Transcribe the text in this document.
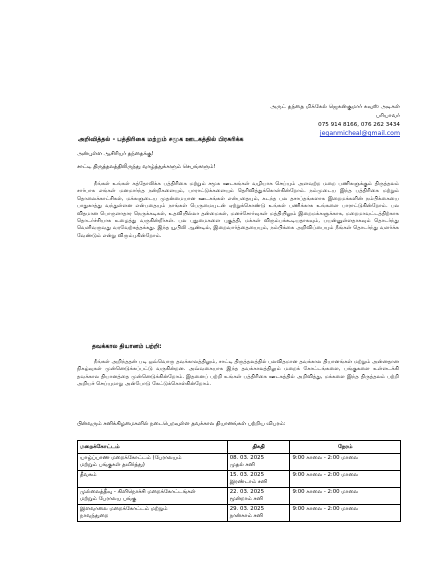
அருட் தந்தை மிக்கேல் ஜெகன்குமார் சுவுஸ் அடிகள்
பரியாவர்
075 914 8166, 076 262 3434
jeganmicheal@gmail.com
அறிவித்தல் - பத்திரிகை மற்றும் சமூக ஊடகத்தில் பிரசுரிக்க
அன்புள்ள ஆசிரியர் தந்தைக்கு!
சாட்டி திருத்தலத்திலிருந்து வாழ்த்துக்களும் செபங்களும்!

நீங்கள் உங்கள் கத்தோலிக்க பத்திரிகை மற்றும் சமூக ஊடகங்கள் வழியாக செய்யும் அளவற்ற மறை பணிகளுக்கும் திருத்தலம் சார்பாக எங்கள் மனமார்ந்த நன்றிகளையும், பாராட்டுக்களையும் தெரிவித்துக்கொள்கின்றோம். நம்முடைய இந்த பத்திரிகை மற்றும் தொலைக்காட்சிகள், மக்களுடைய முதன்மையான ஊடகங்கள் என்பதையும், கடந்த பல தசாப்தங்களாக இறைமக்களின் நம்பிக்கையை பாதுகாத்து வந்துள்ளன என்பதையும் நாங்கள் பெருமையுடன் ஏற்றுக்கொண்டு உங்கள் பணிக்காக உங்களை பாராட்டுகின்றோம். பல விதமான பொருளாதார நெருக்கடிகள், உதவியில்லா தன்மைகள், மனச்சோர்வுகள் மத்தியிலும் இறைமக்களுக்காக, மறைமாவட்டத்திற்காக தொடர்ச்சியாக உழைத்து வருகின்றீர்கள். பல புதுமைகளை புகுத்தி, மக்கள் விரும்பக்கூடியதாகவும், பயன்னுள்ளதாகவும் தொடர்ந்து வெளிவருவது வரவேற்கத்தக்கது. இந்த யூபிலி ஆண்டில், இறைவார்த்தையையும், நம்பிக்கை அறிவிப்பையும் நீங்கள் தொடர்ந்து வளர்க்க வேண்டும் என்று விரும்புகின்றோம்.

தவக்கால தியானம் பற்றி:

நீங்கள் அறிந்ததன் படி ஒவ்வொரு தவக்காலத்திலும், சாட்டி திருத்தலத்தில் பலவிதமான தவக்கால தியானங்கள் மற்றும் அன்னதான நிகழ்வுகள் முன்னெடுக்கப்பட்டு வருகின்றன. அவ்வகையாக இந்த தவக்காலத்திலும் மறைக் கோட்டங்களை, பங்குகளை உள்ளடக்கி தவக்கால தியானத்தை முன்னெடுக்கின்றோம். இதனைப் பற்றி உங்கள் பத்திரிகை ஊடகத்தில் அறிவித்து, மக்களை இந்த திருத்தலம் பற்றி அறியச் செய்யுமாறு அன்போடு கேட்டுக்கொள்கின்றோம்.

பின்வரும் சனிக்கிழமைகளில் நடைபெறவுள்ள தவக்கால தியானங்கள் பற்றிய விபரம்:
மறைக்கோட்டம்	திகதி	நேரம்

யாழ்ப்பாண மறைக்கோட்டம் (பேராலயம்
மற்றும் பங்குகள் தவிர்த்து)	08. 03. 2025
முதல் சனி	9:00 காலை - 2:00 மாலை

தீவகம்	15. 03. 2025
இரண்டாம் சனி	9:00 காலை - 2:00 மாலை

முல்லைத்தீவு - கிளிநொச்சி மறைக்கோட்டங்கள்
மற்றும் பேராலய பங்கு	22. 03. 2025
மூன்றாம் சனி	9:00 காலை - 2:00 மாலை

இளவாலை மறைக்கோட்டம் மற்றும்
நாவந்துறை	29. 03. 2025
நான்காம் சனி	9:00 காலை - 2:00 மாலை
